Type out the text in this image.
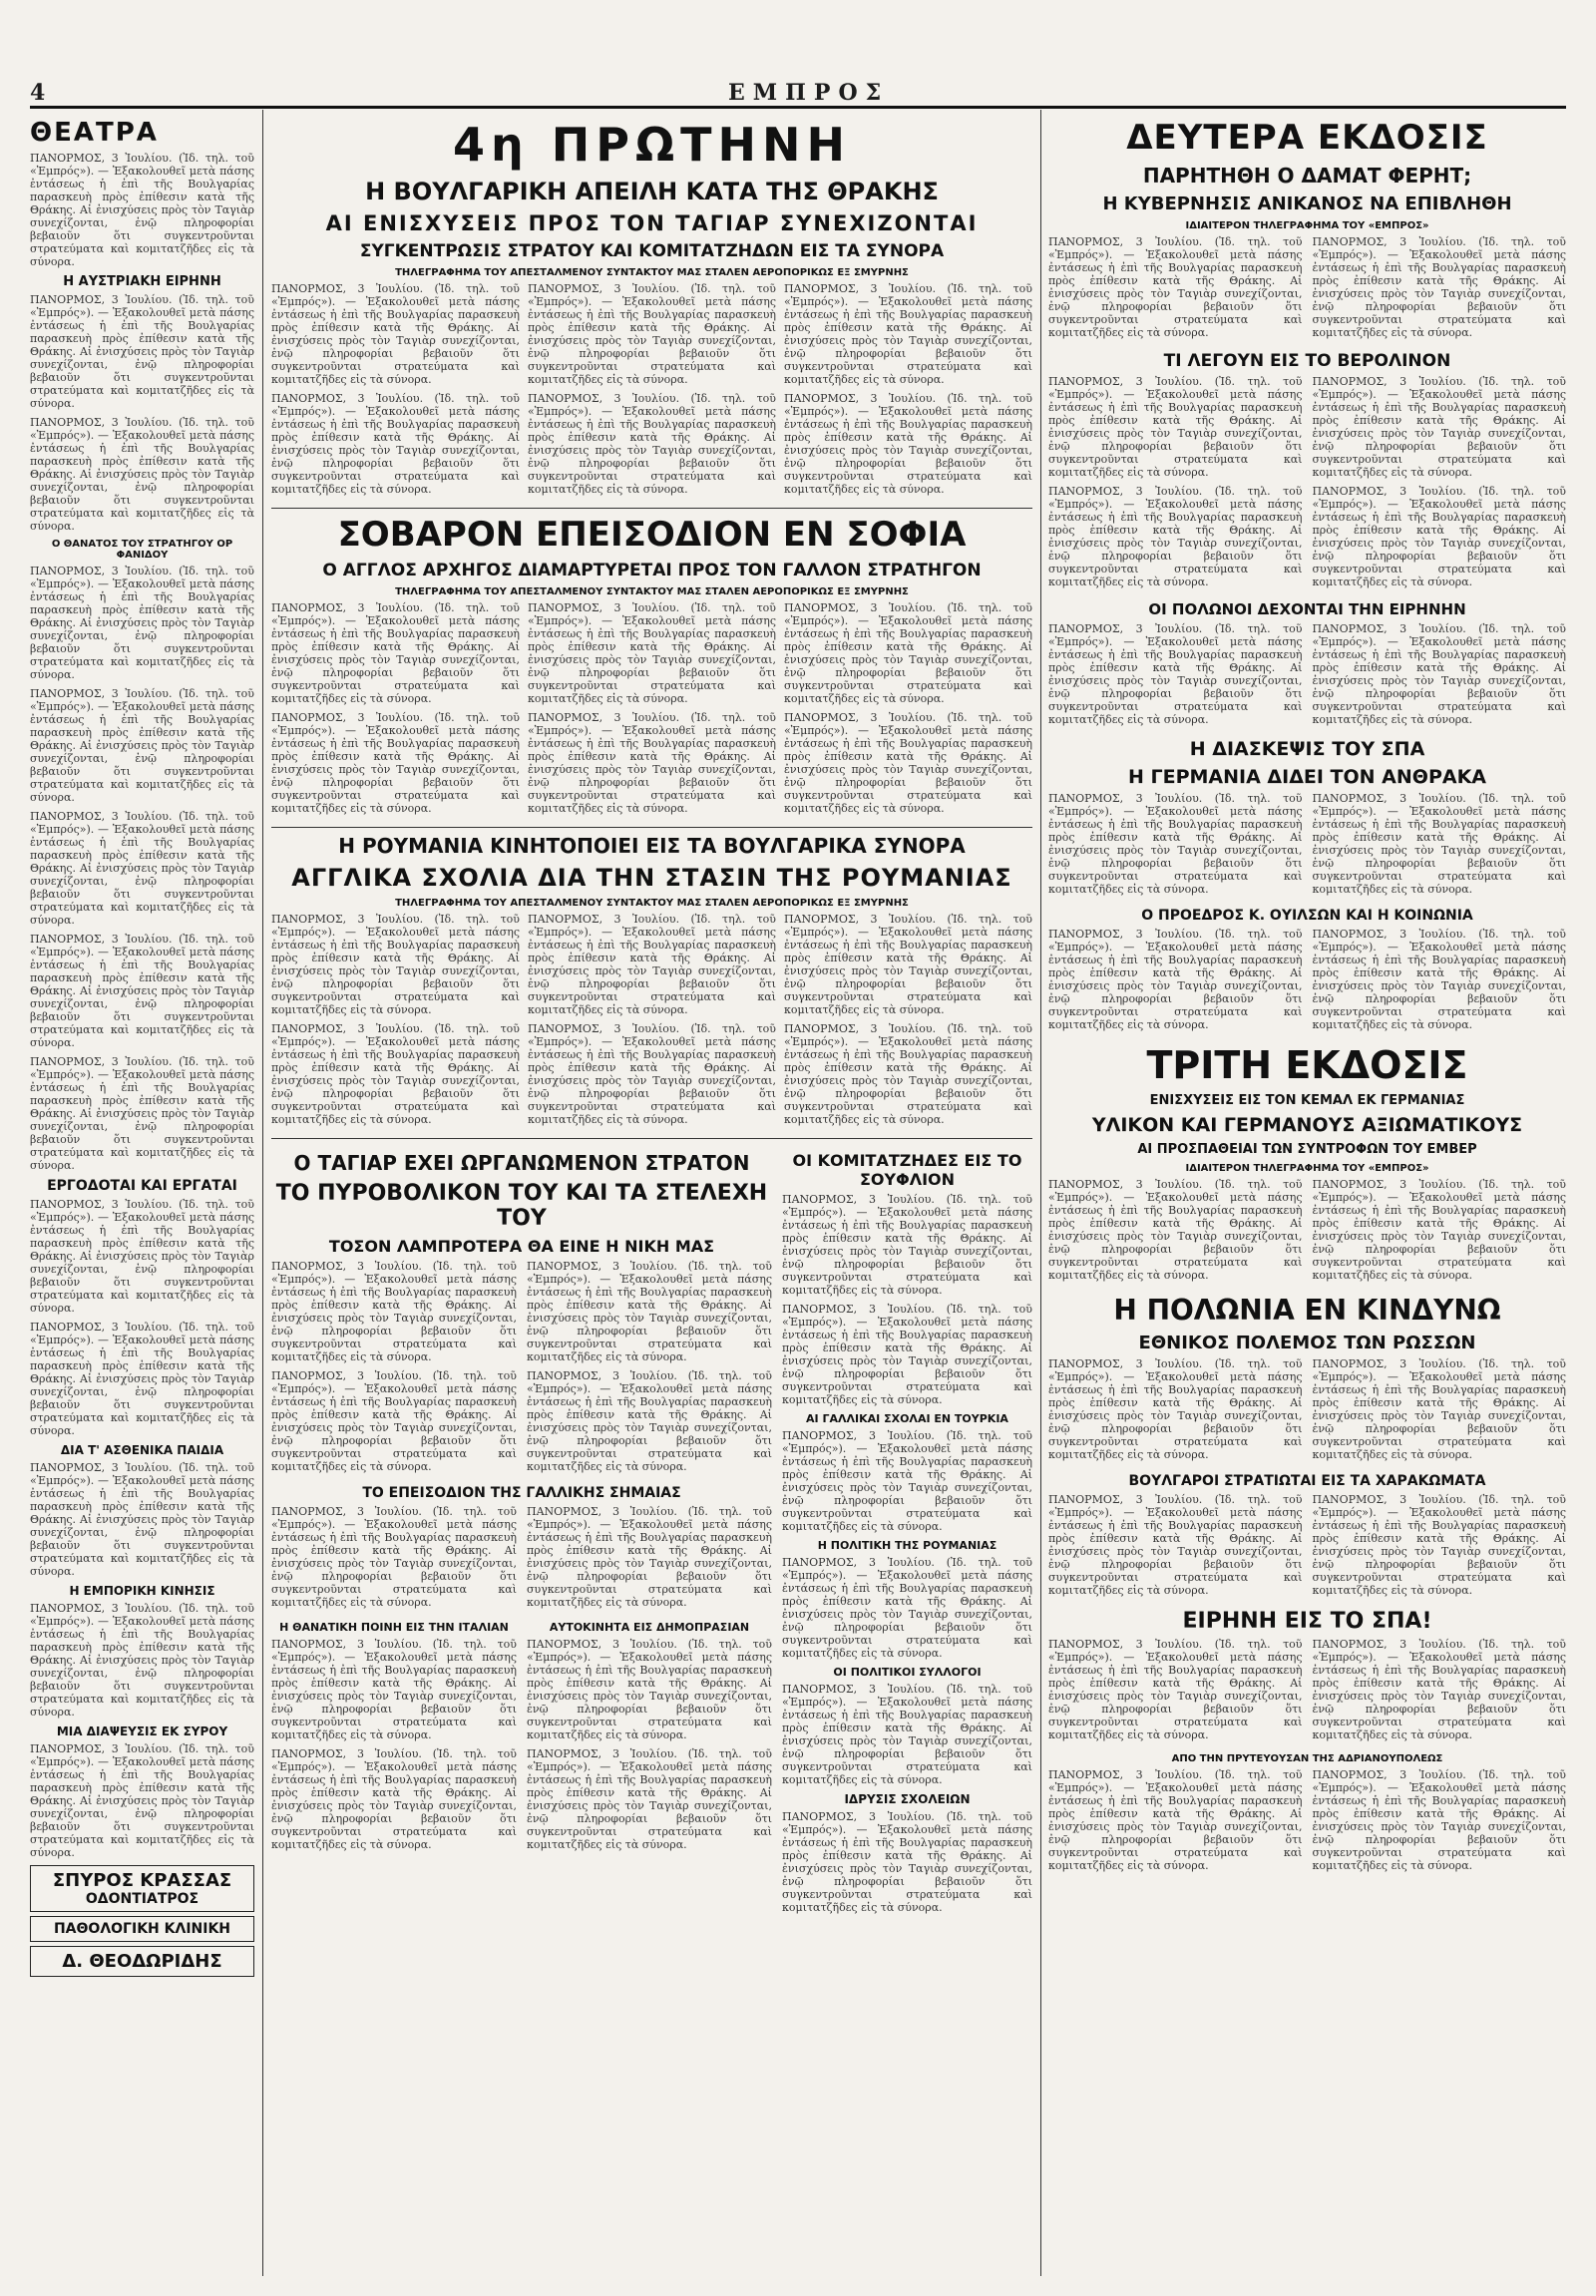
4	ΕΜΠΡΟΣ
ΘΕΑΤΡΑ

ΠΑΝΟΡΜΟΣ, 3 Ἰουλίου. (Ἰδ. τηλ. τοῦ «Ἐμπρός»). — Ἐξακολουθεῖ μετὰ πάσης ἐντάσεως ἡ ἐπὶ τῆς Βουλγαρίας παρασκευὴ πρὸς ἐπίθεσιν κατὰ τῆς Θράκης. Αἱ ἐνισχύσεις πρὸς τὸν Ταγιὰρ συνεχίζονται, ἐνῷ πληροφορίαι βεβαιοῦν ὅτι συγκεντροῦνται στρατεύματα καὶ κομιτατζῆδες εἰς τὰ σύνορα.

Η ΑΥΣΤΡΙΑΚΗ ΕΙΡΗΝΗ

ΠΑΝΟΡΜΟΣ, 3 Ἰουλίου. (Ἰδ. τηλ. τοῦ «Ἐμπρός»). — Ἐξακολουθεῖ μετὰ πάσης ἐντάσεως ἡ ἐπὶ τῆς Βουλγαρίας παρασκευὴ πρὸς ἐπίθεσιν κατὰ τῆς Θράκης. Αἱ ἐνισχύσεις πρὸς τὸν Ταγιὰρ συνεχίζονται, ἐνῷ πληροφορίαι βεβαιοῦν ὅτι συγκεντροῦνται στρατεύματα καὶ κομιτατζῆδες εἰς τὰ σύνορα.

ΠΑΝΟΡΜΟΣ, 3 Ἰουλίου. (Ἰδ. τηλ. τοῦ «Ἐμπρός»). — Ἐξακολουθεῖ μετὰ πάσης ἐντάσεως ἡ ἐπὶ τῆς Βουλγαρίας παρασκευὴ πρὸς ἐπίθεσιν κατὰ τῆς Θράκης. Αἱ ἐνισχύσεις πρὸς τὸν Ταγιὰρ συνεχίζονται, ἐνῷ πληροφορίαι βεβαιοῦν ὅτι συγκεντροῦνται στρατεύματα καὶ κομιτατζῆδες εἰς τὰ σύνορα.

Ο ΘΑΝΑΤΟΣ ΤΟΥ ΣΤΡΑΤΗΓΟΥ ΟΡ ΦΑΝΙΔΟΥ

ΠΑΝΟΡΜΟΣ, 3 Ἰουλίου. (Ἰδ. τηλ. τοῦ «Ἐμπρός»). — Ἐξακολουθεῖ μετὰ πάσης ἐντάσεως ἡ ἐπὶ τῆς Βουλγαρίας παρασκευὴ πρὸς ἐπίθεσιν κατὰ τῆς Θράκης. Αἱ ἐνισχύσεις πρὸς τὸν Ταγιὰρ συνεχίζονται, ἐνῷ πληροφορίαι βεβαιοῦν ὅτι συγκεντροῦνται στρατεύματα καὶ κομιτατζῆδες εἰς τὰ σύνορα.

ΠΑΝΟΡΜΟΣ, 3 Ἰουλίου. (Ἰδ. τηλ. τοῦ «Ἐμπρός»). — Ἐξακολουθεῖ μετὰ πάσης ἐντάσεως ἡ ἐπὶ τῆς Βουλγαρίας παρασκευὴ πρὸς ἐπίθεσιν κατὰ τῆς Θράκης. Αἱ ἐνισχύσεις πρὸς τὸν Ταγιὰρ συνεχίζονται, ἐνῷ πληροφορίαι βεβαιοῦν ὅτι συγκεντροῦνται στρατεύματα καὶ κομιτατζῆδες εἰς τὰ σύνορα.

ΠΑΝΟΡΜΟΣ, 3 Ἰουλίου. (Ἰδ. τηλ. τοῦ «Ἐμπρός»). — Ἐξακολουθεῖ μετὰ πάσης ἐντάσεως ἡ ἐπὶ τῆς Βουλγαρίας παρασκευὴ πρὸς ἐπίθεσιν κατὰ τῆς Θράκης. Αἱ ἐνισχύσεις πρὸς τὸν Ταγιὰρ συνεχίζονται, ἐνῷ πληροφορίαι βεβαιοῦν ὅτι συγκεντροῦνται στρατεύματα καὶ κομιτατζῆδες εἰς τὰ σύνορα.

ΠΑΝΟΡΜΟΣ, 3 Ἰουλίου. (Ἰδ. τηλ. τοῦ «Ἐμπρός»). — Ἐξακολουθεῖ μετὰ πάσης ἐντάσεως ἡ ἐπὶ τῆς Βουλγαρίας παρασκευὴ πρὸς ἐπίθεσιν κατὰ τῆς Θράκης. Αἱ ἐνισχύσεις πρὸς τὸν Ταγιὰρ συνεχίζονται, ἐνῷ πληροφορίαι βεβαιοῦν ὅτι συγκεντροῦνται στρατεύματα καὶ κομιτατζῆδες εἰς τὰ σύνορα.

ΠΑΝΟΡΜΟΣ, 3 Ἰουλίου. (Ἰδ. τηλ. τοῦ «Ἐμπρός»). — Ἐξακολουθεῖ μετὰ πάσης ἐντάσεως ἡ ἐπὶ τῆς Βουλγαρίας παρασκευὴ πρὸς ἐπίθεσιν κατὰ τῆς Θράκης. Αἱ ἐνισχύσεις πρὸς τὸν Ταγιὰρ συνεχίζονται, ἐνῷ πληροφορίαι βεβαιοῦν ὅτι συγκεντροῦνται στρατεύματα καὶ κομιτατζῆδες εἰς τὰ σύνορα.

ΕΡΓΟΔΟΤΑΙ ΚΑΙ ΕΡΓΑΤΑΙ

ΠΑΝΟΡΜΟΣ, 3 Ἰουλίου. (Ἰδ. τηλ. τοῦ «Ἐμπρός»). — Ἐξακολουθεῖ μετὰ πάσης ἐντάσεως ἡ ἐπὶ τῆς Βουλγαρίας παρασκευὴ πρὸς ἐπίθεσιν κατὰ τῆς Θράκης. Αἱ ἐνισχύσεις πρὸς τὸν Ταγιὰρ συνεχίζονται, ἐνῷ πληροφορίαι βεβαιοῦν ὅτι συγκεντροῦνται στρατεύματα καὶ κομιτατζῆδες εἰς τὰ σύνορα.

ΠΑΝΟΡΜΟΣ, 3 Ἰουλίου. (Ἰδ. τηλ. τοῦ «Ἐμπρός»). — Ἐξακολουθεῖ μετὰ πάσης ἐντάσεως ἡ ἐπὶ τῆς Βουλγαρίας παρασκευὴ πρὸς ἐπίθεσιν κατὰ τῆς Θράκης. Αἱ ἐνισχύσεις πρὸς τὸν Ταγιὰρ συνεχίζονται, ἐνῷ πληροφορίαι βεβαιοῦν ὅτι συγκεντροῦνται στρατεύματα καὶ κομιτατζῆδες εἰς τὰ σύνορα.

ΔΙΑ Τ' ΑΣΘΕΝΙΚΑ ΠΑΙΔΙΑ

ΠΑΝΟΡΜΟΣ, 3 Ἰουλίου. (Ἰδ. τηλ. τοῦ «Ἐμπρός»). — Ἐξακολουθεῖ μετὰ πάσης ἐντάσεως ἡ ἐπὶ τῆς Βουλγαρίας παρασκευὴ πρὸς ἐπίθεσιν κατὰ τῆς Θράκης. Αἱ ἐνισχύσεις πρὸς τὸν Ταγιὰρ συνεχίζονται, ἐνῷ πληροφορίαι βεβαιοῦν ὅτι συγκεντροῦνται στρατεύματα καὶ κομιτατζῆδες εἰς τὰ σύνορα.

Η ΕΜΠΟΡΙΚΗ ΚΙΝΗΣΙΣ

ΠΑΝΟΡΜΟΣ, 3 Ἰουλίου. (Ἰδ. τηλ. τοῦ «Ἐμπρός»). — Ἐξακολουθεῖ μετὰ πάσης ἐντάσεως ἡ ἐπὶ τῆς Βουλγαρίας παρασκευὴ πρὸς ἐπίθεσιν κατὰ τῆς Θράκης. Αἱ ἐνισχύσεις πρὸς τὸν Ταγιὰρ συνεχίζονται, ἐνῷ πληροφορίαι βεβαιοῦν ὅτι συγκεντροῦνται στρατεύματα καὶ κομιτατζῆδες εἰς τὰ σύνορα.

ΜΙΑ ΔΙΑΨΕΥΣΙΣ ΕΚ ΣΥΡΟΥ

ΠΑΝΟΡΜΟΣ, 3 Ἰουλίου. (Ἰδ. τηλ. τοῦ «Ἐμπρός»). — Ἐξακολουθεῖ μετὰ πάσης ἐντάσεως ἡ ἐπὶ τῆς Βουλγαρίας παρασκευὴ πρὸς ἐπίθεσιν κατὰ τῆς Θράκης. Αἱ ἐνισχύσεις πρὸς τὸν Ταγιὰρ συνεχίζονται, ἐνῷ πληροφορίαι βεβαιοῦν ὅτι συγκεντροῦνται στρατεύματα καὶ κομιτατζῆδες εἰς τὰ σύνορα.

ΣΠΥΡΟΣ ΚΡΑΣΣΑΣ
ΟΔΟΝΤΙΑΤΡΟΣ
ΠΑΘΟΛΟΓΙΚΗ ΚΛΙΝΙΚΗ
Δ. ΘΕΟΔΩΡΙΔΗΣ
4η ΠΡΩΤΗΝΗ
Η ΒΟΥΛΓΑΡΙΚΗ ΑΠΕΙΛΗ ΚΑΤΑ ΤΗΣ ΘΡΑΚΗΣ
ΑΙ ΕΝΙΣΧΥΣΕΙΣ ΠΡΟΣ ΤΟΝ ΤΑΓΙΑΡ ΣΥΝΕΧΙΖΟΝΤΑΙ
ΣΥΓΚΕΝΤΡΩΣΙΣ ΣΤΡΑΤΟΥ ΚΑΙ ΚΟΜΙΤΑΤΖΗΔΩΝ ΕΙΣ ΤΑ ΣΥΝΟΡΑ
ΤΗΛΕΓΡΑΦΗΜΑ ΤΟΥ ΑΠΕΣΤΑΛΜΕΝΟΥ ΣΥΝΤΑΚΤΟΥ ΜΑΣ ΣΤΑΛΕΝ ΑΕΡΟΠΟΡΙΚΩΣ ΕΞ ΣΜΥΡΝΗΣ

ΠΑΝΟΡΜΟΣ, 3 Ἰουλίου. (Ἰδ. τηλ. τοῦ «Ἐμπρός»). — Ἐξακολουθεῖ μετὰ πάσης ἐντάσεως ἡ ἐπὶ τῆς Βουλγαρίας παρασκευὴ πρὸς ἐπίθεσιν κατὰ τῆς Θράκης. Αἱ ἐνισχύσεις πρὸς τὸν Ταγιὰρ συνεχίζονται, ἐνῷ πληροφορίαι βεβαιοῦν ὅτι συγκεντροῦνται στρατεύματα καὶ κομιτατζῆδες εἰς τὰ σύνορα.

ΠΑΝΟΡΜΟΣ, 3 Ἰουλίου. (Ἰδ. τηλ. τοῦ «Ἐμπρός»). — Ἐξακολουθεῖ μετὰ πάσης ἐντάσεως ἡ ἐπὶ τῆς Βουλγαρίας παρασκευὴ πρὸς ἐπίθεσιν κατὰ τῆς Θράκης. Αἱ ἐνισχύσεις πρὸς τὸν Ταγιὰρ συνεχίζονται, ἐνῷ πληροφορίαι βεβαιοῦν ὅτι συγκεντροῦνται στρατεύματα καὶ κομιτατζῆδες εἰς τὰ σύνορα.

ΠΑΝΟΡΜΟΣ, 3 Ἰουλίου. (Ἰδ. τηλ. τοῦ «Ἐμπρός»). — Ἐξακολουθεῖ μετὰ πάσης ἐντάσεως ἡ ἐπὶ τῆς Βουλγαρίας παρασκευὴ πρὸς ἐπίθεσιν κατὰ τῆς Θράκης. Αἱ ἐνισχύσεις πρὸς τὸν Ταγιὰρ συνεχίζονται, ἐνῷ πληροφορίαι βεβαιοῦν ὅτι συγκεντροῦνται στρατεύματα καὶ κομιτατζῆδες εἰς τὰ σύνορα.

ΠΑΝΟΡΜΟΣ, 3 Ἰουλίου. (Ἰδ. τηλ. τοῦ «Ἐμπρός»). — Ἐξακολουθεῖ μετὰ πάσης ἐντάσεως ἡ ἐπὶ τῆς Βουλγαρίας παρασκευὴ πρὸς ἐπίθεσιν κατὰ τῆς Θράκης. Αἱ ἐνισχύσεις πρὸς τὸν Ταγιὰρ συνεχίζονται, ἐνῷ πληροφορίαι βεβαιοῦν ὅτι συγκεντροῦνται στρατεύματα καὶ κομιτατζῆδες εἰς τὰ σύνορα.

ΠΑΝΟΡΜΟΣ, 3 Ἰουλίου. (Ἰδ. τηλ. τοῦ «Ἐμπρός»). — Ἐξακολουθεῖ μετὰ πάσης ἐντάσεως ἡ ἐπὶ τῆς Βουλγαρίας παρασκευὴ πρὸς ἐπίθεσιν κατὰ τῆς Θράκης. Αἱ ἐνισχύσεις πρὸς τὸν Ταγιὰρ συνεχίζονται, ἐνῷ πληροφορίαι βεβαιοῦν ὅτι συγκεντροῦνται στρατεύματα καὶ κομιτατζῆδες εἰς τὰ σύνορα.

ΠΑΝΟΡΜΟΣ, 3 Ἰουλίου. (Ἰδ. τηλ. τοῦ «Ἐμπρός»). — Ἐξακολουθεῖ μετὰ πάσης ἐντάσεως ἡ ἐπὶ τῆς Βουλγαρίας παρασκευὴ πρὸς ἐπίθεσιν κατὰ τῆς Θράκης. Αἱ ἐνισχύσεις πρὸς τὸν Ταγιὰρ συνεχίζονται, ἐνῷ πληροφορίαι βεβαιοῦν ὅτι συγκεντροῦνται στρατεύματα καὶ κομιτατζῆδες εἰς τὰ σύνορα.

ΣΟΒΑΡΟΝ ΕΠΕΙΣΟΔΙΟΝ ΕΝ ΣΟΦΙΑ
Ο ΑΓΓΛΟΣ ΑΡΧΗΓΟΣ ΔΙΑΜΑΡΤΥΡΕΤΑΙ ΠΡΟΣ ΤΟΝ ΓΑΛΛΟΝ ΣΤΡΑΤΗΓΟΝ
ΤΗΛΕΓΡΑΦΗΜΑ ΤΟΥ ΑΠΕΣΤΑΛΜΕΝΟΥ ΣΥΝΤΑΚΤΟΥ ΜΑΣ ΣΤΑΛΕΝ ΑΕΡΟΠΟΡΙΚΩΣ ΕΞ ΣΜΥΡΝΗΣ

ΠΑΝΟΡΜΟΣ, 3 Ἰουλίου. (Ἰδ. τηλ. τοῦ «Ἐμπρός»). — Ἐξακολουθεῖ μετὰ πάσης ἐντάσεως ἡ ἐπὶ τῆς Βουλγαρίας παρασκευὴ πρὸς ἐπίθεσιν κατὰ τῆς Θράκης. Αἱ ἐνισχύσεις πρὸς τὸν Ταγιὰρ συνεχίζονται, ἐνῷ πληροφορίαι βεβαιοῦν ὅτι συγκεντροῦνται στρατεύματα καὶ κομιτατζῆδες εἰς τὰ σύνορα.

ΠΑΝΟΡΜΟΣ, 3 Ἰουλίου. (Ἰδ. τηλ. τοῦ «Ἐμπρός»). — Ἐξακολουθεῖ μετὰ πάσης ἐντάσεως ἡ ἐπὶ τῆς Βουλγαρίας παρασκευὴ πρὸς ἐπίθεσιν κατὰ τῆς Θράκης. Αἱ ἐνισχύσεις πρὸς τὸν Ταγιὰρ συνεχίζονται, ἐνῷ πληροφορίαι βεβαιοῦν ὅτι συγκεντροῦνται στρατεύματα καὶ κομιτατζῆδες εἰς τὰ σύνορα.

ΠΑΝΟΡΜΟΣ, 3 Ἰουλίου. (Ἰδ. τηλ. τοῦ «Ἐμπρός»). — Ἐξακολουθεῖ μετὰ πάσης ἐντάσεως ἡ ἐπὶ τῆς Βουλγαρίας παρασκευὴ πρὸς ἐπίθεσιν κατὰ τῆς Θράκης. Αἱ ἐνισχύσεις πρὸς τὸν Ταγιὰρ συνεχίζονται, ἐνῷ πληροφορίαι βεβαιοῦν ὅτι συγκεντροῦνται στρατεύματα καὶ κομιτατζῆδες εἰς τὰ σύνορα.

ΠΑΝΟΡΜΟΣ, 3 Ἰουλίου. (Ἰδ. τηλ. τοῦ «Ἐμπρός»). — Ἐξακολουθεῖ μετὰ πάσης ἐντάσεως ἡ ἐπὶ τῆς Βουλγαρίας παρασκευὴ πρὸς ἐπίθεσιν κατὰ τῆς Θράκης. Αἱ ἐνισχύσεις πρὸς τὸν Ταγιὰρ συνεχίζονται, ἐνῷ πληροφορίαι βεβαιοῦν ὅτι συγκεντροῦνται στρατεύματα καὶ κομιτατζῆδες εἰς τὰ σύνορα.

ΠΑΝΟΡΜΟΣ, 3 Ἰουλίου. (Ἰδ. τηλ. τοῦ «Ἐμπρός»). — Ἐξακολουθεῖ μετὰ πάσης ἐντάσεως ἡ ἐπὶ τῆς Βουλγαρίας παρασκευὴ πρὸς ἐπίθεσιν κατὰ τῆς Θράκης. Αἱ ἐνισχύσεις πρὸς τὸν Ταγιὰρ συνεχίζονται, ἐνῷ πληροφορίαι βεβαιοῦν ὅτι συγκεντροῦνται στρατεύματα καὶ κομιτατζῆδες εἰς τὰ σύνορα.

ΠΑΝΟΡΜΟΣ, 3 Ἰουλίου. (Ἰδ. τηλ. τοῦ «Ἐμπρός»). — Ἐξακολουθεῖ μετὰ πάσης ἐντάσεως ἡ ἐπὶ τῆς Βουλγαρίας παρασκευὴ πρὸς ἐπίθεσιν κατὰ τῆς Θράκης. Αἱ ἐνισχύσεις πρὸς τὸν Ταγιὰρ συνεχίζονται, ἐνῷ πληροφορίαι βεβαιοῦν ὅτι συγκεντροῦνται στρατεύματα καὶ κομιτατζῆδες εἰς τὰ σύνορα.

Η ΡΟΥΜΑΝΙΑ ΚΙΝΗΤΟΠΟΙΕΙ ΕΙΣ ΤΑ ΒΟΥΛΓΑΡΙΚΑ ΣΥΝΟΡΑ
ΑΓΓΛΙΚΑ ΣΧΟΛΙΑ ΔΙΑ ΤΗΝ ΣΤΑΣΙΝ ΤΗΣ ΡΟΥΜΑΝΙΑΣ
ΤΗΛΕΓΡΑΦΗΜΑ ΤΟΥ ΑΠΕΣΤΑΛΜΕΝΟΥ ΣΥΝΤΑΚΤΟΥ ΜΑΣ ΣΤΑΛΕΝ ΑΕΡΟΠΟΡΙΚΩΣ ΕΞ ΣΜΥΡΝΗΣ

ΠΑΝΟΡΜΟΣ, 3 Ἰουλίου. (Ἰδ. τηλ. τοῦ «Ἐμπρός»). — Ἐξακολουθεῖ μετὰ πάσης ἐντάσεως ἡ ἐπὶ τῆς Βουλγαρίας παρασκευὴ πρὸς ἐπίθεσιν κατὰ τῆς Θράκης. Αἱ ἐνισχύσεις πρὸς τὸν Ταγιὰρ συνεχίζονται, ἐνῷ πληροφορίαι βεβαιοῦν ὅτι συγκεντροῦνται στρατεύματα καὶ κομιτατζῆδες εἰς τὰ σύνορα.

ΠΑΝΟΡΜΟΣ, 3 Ἰουλίου. (Ἰδ. τηλ. τοῦ «Ἐμπρός»). — Ἐξακολουθεῖ μετὰ πάσης ἐντάσεως ἡ ἐπὶ τῆς Βουλγαρίας παρασκευὴ πρὸς ἐπίθεσιν κατὰ τῆς Θράκης. Αἱ ἐνισχύσεις πρὸς τὸν Ταγιὰρ συνεχίζονται, ἐνῷ πληροφορίαι βεβαιοῦν ὅτι συγκεντροῦνται στρατεύματα καὶ κομιτατζῆδες εἰς τὰ σύνορα.

ΠΑΝΟΡΜΟΣ, 3 Ἰουλίου. (Ἰδ. τηλ. τοῦ «Ἐμπρός»). — Ἐξακολουθεῖ μετὰ πάσης ἐντάσεως ἡ ἐπὶ τῆς Βουλγαρίας παρασκευὴ πρὸς ἐπίθεσιν κατὰ τῆς Θράκης. Αἱ ἐνισχύσεις πρὸς τὸν Ταγιὰρ συνεχίζονται, ἐνῷ πληροφορίαι βεβαιοῦν ὅτι συγκεντροῦνται στρατεύματα καὶ κομιτατζῆδες εἰς τὰ σύνορα.

ΠΑΝΟΡΜΟΣ, 3 Ἰουλίου. (Ἰδ. τηλ. τοῦ «Ἐμπρός»). — Ἐξακολουθεῖ μετὰ πάσης ἐντάσεως ἡ ἐπὶ τῆς Βουλγαρίας παρασκευὴ πρὸς ἐπίθεσιν κατὰ τῆς Θράκης. Αἱ ἐνισχύσεις πρὸς τὸν Ταγιὰρ συνεχίζονται, ἐνῷ πληροφορίαι βεβαιοῦν ὅτι συγκεντροῦνται στρατεύματα καὶ κομιτατζῆδες εἰς τὰ σύνορα.

ΠΑΝΟΡΜΟΣ, 3 Ἰουλίου. (Ἰδ. τηλ. τοῦ «Ἐμπρός»). — Ἐξακολουθεῖ μετὰ πάσης ἐντάσεως ἡ ἐπὶ τῆς Βουλγαρίας παρασκευὴ πρὸς ἐπίθεσιν κατὰ τῆς Θράκης. Αἱ ἐνισχύσεις πρὸς τὸν Ταγιὰρ συνεχίζονται, ἐνῷ πληροφορίαι βεβαιοῦν ὅτι συγκεντροῦνται στρατεύματα καὶ κομιτατζῆδες εἰς τὰ σύνορα.

ΠΑΝΟΡΜΟΣ, 3 Ἰουλίου. (Ἰδ. τηλ. τοῦ «Ἐμπρός»). — Ἐξακολουθεῖ μετὰ πάσης ἐντάσεως ἡ ἐπὶ τῆς Βουλγαρίας παρασκευὴ πρὸς ἐπίθεσιν κατὰ τῆς Θράκης. Αἱ ἐνισχύσεις πρὸς τὸν Ταγιὰρ συνεχίζονται, ἐνῷ πληροφορίαι βεβαιοῦν ὅτι συγκεντροῦνται στρατεύματα καὶ κομιτατζῆδες εἰς τὰ σύνορα.

Ο ΤΑΓΙΑΡ ΕΧΕΙ ΩΡΓΑΝΩΜΕΝΟΝ ΣΤΡΑΤΟΝ
ΤΟ ΠΥΡΟΒΟΛΙΚΟΝ ΤΟΥ ΚΑΙ ΤΑ ΣΤΕΛΕΧΗ ΤΟΥ
ΤΟΣΟΝ ΛΑΜΠΡΟΤΕΡΑ ΘΑ ΕΙΝΕ Η ΝΙΚΗ ΜΑΣ

ΠΑΝΟΡΜΟΣ, 3 Ἰουλίου. (Ἰδ. τηλ. τοῦ «Ἐμπρός»). — Ἐξακολουθεῖ μετὰ πάσης ἐντάσεως ἡ ἐπὶ τῆς Βουλγαρίας παρασκευὴ πρὸς ἐπίθεσιν κατὰ τῆς Θράκης. Αἱ ἐνισχύσεις πρὸς τὸν Ταγιὰρ συνεχίζονται, ἐνῷ πληροφορίαι βεβαιοῦν ὅτι συγκεντροῦνται στρατεύματα καὶ κομιτατζῆδες εἰς τὰ σύνορα.

ΠΑΝΟΡΜΟΣ, 3 Ἰουλίου. (Ἰδ. τηλ. τοῦ «Ἐμπρός»). — Ἐξακολουθεῖ μετὰ πάσης ἐντάσεως ἡ ἐπὶ τῆς Βουλγαρίας παρασκευὴ πρὸς ἐπίθεσιν κατὰ τῆς Θράκης. Αἱ ἐνισχύσεις πρὸς τὸν Ταγιὰρ συνεχίζονται, ἐνῷ πληροφορίαι βεβαιοῦν ὅτι συγκεντροῦνται στρατεύματα καὶ κομιτατζῆδες εἰς τὰ σύνορα.

ΠΑΝΟΡΜΟΣ, 3 Ἰουλίου. (Ἰδ. τηλ. τοῦ «Ἐμπρός»). — Ἐξακολουθεῖ μετὰ πάσης ἐντάσεως ἡ ἐπὶ τῆς Βουλγαρίας παρασκευὴ πρὸς ἐπίθεσιν κατὰ τῆς Θράκης. Αἱ ἐνισχύσεις πρὸς τὸν Ταγιὰρ συνεχίζονται, ἐνῷ πληροφορίαι βεβαιοῦν ὅτι συγκεντροῦνται στρατεύματα καὶ κομιτατζῆδες εἰς τὰ σύνορα.

ΠΑΝΟΡΜΟΣ, 3 Ἰουλίου. (Ἰδ. τηλ. τοῦ «Ἐμπρός»). — Ἐξακολουθεῖ μετὰ πάσης ἐντάσεως ἡ ἐπὶ τῆς Βουλγαρίας παρασκευὴ πρὸς ἐπίθεσιν κατὰ τῆς Θράκης. Αἱ ἐνισχύσεις πρὸς τὸν Ταγιὰρ συνεχίζονται, ἐνῷ πληροφορίαι βεβαιοῦν ὅτι συγκεντροῦνται στρατεύματα καὶ κομιτατζῆδες εἰς τὰ σύνορα.

ΤΟ ΕΠΕΙΣΟΔΙΟΝ ΤΗΣ ΓΑΛΛΙΚΗΣ ΣΗΜΑΙΑΣ

ΠΑΝΟΡΜΟΣ, 3 Ἰουλίου. (Ἰδ. τηλ. τοῦ «Ἐμπρός»). — Ἐξακολουθεῖ μετὰ πάσης ἐντάσεως ἡ ἐπὶ τῆς Βουλγαρίας παρασκευὴ πρὸς ἐπίθεσιν κατὰ τῆς Θράκης. Αἱ ἐνισχύσεις πρὸς τὸν Ταγιὰρ συνεχίζονται, ἐνῷ πληροφορίαι βεβαιοῦν ὅτι συγκεντροῦνται στρατεύματα καὶ κομιτατζῆδες εἰς τὰ σύνορα.

ΠΑΝΟΡΜΟΣ, 3 Ἰουλίου. (Ἰδ. τηλ. τοῦ «Ἐμπρός»). — Ἐξακολουθεῖ μετὰ πάσης ἐντάσεως ἡ ἐπὶ τῆς Βουλγαρίας παρασκευὴ πρὸς ἐπίθεσιν κατὰ τῆς Θράκης. Αἱ ἐνισχύσεις πρὸς τὸν Ταγιὰρ συνεχίζονται, ἐνῷ πληροφορίαι βεβαιοῦν ὅτι συγκεντροῦνται στρατεύματα καὶ κομιτατζῆδες εἰς τὰ σύνορα.

Η ΘΑΝΑΤΙΚΗ ΠΟΙΝΗ ΕΙΣ ΤΗΝ ΙΤΑΛΙΑΝ

ΠΑΝΟΡΜΟΣ, 3 Ἰουλίου. (Ἰδ. τηλ. τοῦ «Ἐμπρός»). — Ἐξακολουθεῖ μετὰ πάσης ἐντάσεως ἡ ἐπὶ τῆς Βουλγαρίας παρασκευὴ πρὸς ἐπίθεσιν κατὰ τῆς Θράκης. Αἱ ἐνισχύσεις πρὸς τὸν Ταγιὰρ συνεχίζονται, ἐνῷ πληροφορίαι βεβαιοῦν ὅτι συγκεντροῦνται στρατεύματα καὶ κομιτατζῆδες εἰς τὰ σύνορα.

ΠΑΝΟΡΜΟΣ, 3 Ἰουλίου. (Ἰδ. τηλ. τοῦ «Ἐμπρός»). — Ἐξακολουθεῖ μετὰ πάσης ἐντάσεως ἡ ἐπὶ τῆς Βουλγαρίας παρασκευὴ πρὸς ἐπίθεσιν κατὰ τῆς Θράκης. Αἱ ἐνισχύσεις πρὸς τὸν Ταγιὰρ συνεχίζονται, ἐνῷ πληροφορίαι βεβαιοῦν ὅτι συγκεντροῦνται στρατεύματα καὶ κομιτατζῆδες εἰς τὰ σύνορα.

ΑΥΤΟΚΙΝΗΤΑ ΕΙΣ ΔΗΜΟΠΡΑΣΙΑΝ

ΠΑΝΟΡΜΟΣ, 3 Ἰουλίου. (Ἰδ. τηλ. τοῦ «Ἐμπρός»). — Ἐξακολουθεῖ μετὰ πάσης ἐντάσεως ἡ ἐπὶ τῆς Βουλγαρίας παρασκευὴ πρὸς ἐπίθεσιν κατὰ τῆς Θράκης. Αἱ ἐνισχύσεις πρὸς τὸν Ταγιὰρ συνεχίζονται, ἐνῷ πληροφορίαι βεβαιοῦν ὅτι συγκεντροῦνται στρατεύματα καὶ κομιτατζῆδες εἰς τὰ σύνορα.

ΠΑΝΟΡΜΟΣ, 3 Ἰουλίου. (Ἰδ. τηλ. τοῦ «Ἐμπρός»). — Ἐξακολουθεῖ μετὰ πάσης ἐντάσεως ἡ ἐπὶ τῆς Βουλγαρίας παρασκευὴ πρὸς ἐπίθεσιν κατὰ τῆς Θράκης. Αἱ ἐνισχύσεις πρὸς τὸν Ταγιὰρ συνεχίζονται, ἐνῷ πληροφορίαι βεβαιοῦν ὅτι συγκεντροῦνται στρατεύματα καὶ κομιτατζῆδες εἰς τὰ σύνορα.

ΟΙ ΚΟΜΙΤΑΤΖΗΔΕΣ ΕΙΣ ΤΟ ΣΟΥΦΛΙΟΝ

ΠΑΝΟΡΜΟΣ, 3 Ἰουλίου. (Ἰδ. τηλ. τοῦ «Ἐμπρός»). — Ἐξακολουθεῖ μετὰ πάσης ἐντάσεως ἡ ἐπὶ τῆς Βουλγαρίας παρασκευὴ πρὸς ἐπίθεσιν κατὰ τῆς Θράκης. Αἱ ἐνισχύσεις πρὸς τὸν Ταγιὰρ συνεχίζονται, ἐνῷ πληροφορίαι βεβαιοῦν ὅτι συγκεντροῦνται στρατεύματα καὶ κομιτατζῆδες εἰς τὰ σύνορα.

ΠΑΝΟΡΜΟΣ, 3 Ἰουλίου. (Ἰδ. τηλ. τοῦ «Ἐμπρός»). — Ἐξακολουθεῖ μετὰ πάσης ἐντάσεως ἡ ἐπὶ τῆς Βουλγαρίας παρασκευὴ πρὸς ἐπίθεσιν κατὰ τῆς Θράκης. Αἱ ἐνισχύσεις πρὸς τὸν Ταγιὰρ συνεχίζονται, ἐνῷ πληροφορίαι βεβαιοῦν ὅτι συγκεντροῦνται στρατεύματα καὶ κομιτατζῆδες εἰς τὰ σύνορα.

ΑΙ ΓΑΛΛΙΚΑΙ ΣΧΟΛΑΙ ΕΝ ΤΟΥΡΚΙΑ

ΠΑΝΟΡΜΟΣ, 3 Ἰουλίου. (Ἰδ. τηλ. τοῦ «Ἐμπρός»). — Ἐξακολουθεῖ μετὰ πάσης ἐντάσεως ἡ ἐπὶ τῆς Βουλγαρίας παρασκευὴ πρὸς ἐπίθεσιν κατὰ τῆς Θράκης. Αἱ ἐνισχύσεις πρὸς τὸν Ταγιὰρ συνεχίζονται, ἐνῷ πληροφορίαι βεβαιοῦν ὅτι συγκεντροῦνται στρατεύματα καὶ κομιτατζῆδες εἰς τὰ σύνορα.

Η ΠΟΛΙΤΙΚΗ ΤΗΣ ΡΟΥΜΑΝΙΑΣ

ΠΑΝΟΡΜΟΣ, 3 Ἰουλίου. (Ἰδ. τηλ. τοῦ «Ἐμπρός»). — Ἐξακολουθεῖ μετὰ πάσης ἐντάσεως ἡ ἐπὶ τῆς Βουλγαρίας παρασκευὴ πρὸς ἐπίθεσιν κατὰ τῆς Θράκης. Αἱ ἐνισχύσεις πρὸς τὸν Ταγιὰρ συνεχίζονται, ἐνῷ πληροφορίαι βεβαιοῦν ὅτι συγκεντροῦνται στρατεύματα καὶ κομιτατζῆδες εἰς τὰ σύνορα.

ΟΙ ΠΟΛΙΤΙΚΟΙ ΣΥΛΛΟΓΟΙ

ΠΑΝΟΡΜΟΣ, 3 Ἰουλίου. (Ἰδ. τηλ. τοῦ «Ἐμπρός»). — Ἐξακολουθεῖ μετὰ πάσης ἐντάσεως ἡ ἐπὶ τῆς Βουλγαρίας παρασκευὴ πρὸς ἐπίθεσιν κατὰ τῆς Θράκης. Αἱ ἐνισχύσεις πρὸς τὸν Ταγιὰρ συνεχίζονται, ἐνῷ πληροφορίαι βεβαιοῦν ὅτι συγκεντροῦνται στρατεύματα καὶ κομιτατζῆδες εἰς τὰ σύνορα.

ΙΔΡΥΣΙΣ ΣΧΟΛΕΙΩΝ

ΠΑΝΟΡΜΟΣ, 3 Ἰουλίου. (Ἰδ. τηλ. τοῦ «Ἐμπρός»). — Ἐξακολουθεῖ μετὰ πάσης ἐντάσεως ἡ ἐπὶ τῆς Βουλγαρίας παρασκευὴ πρὸς ἐπίθεσιν κατὰ τῆς Θράκης. Αἱ ἐνισχύσεις πρὸς τὸν Ταγιὰρ συνεχίζονται, ἐνῷ πληροφορίαι βεβαιοῦν ὅτι συγκεντροῦνται στρατεύματα καὶ κομιτατζῆδες εἰς τὰ σύνορα.

ΔΕΥΤΕΡΑ ΕΚΔΟΣΙΣ
ΠΑΡΗΤΗΘΗ Ο ΔΑΜΑΤ ΦΕΡΗΤ;
Η ΚΥΒΕΡΝΗΣΙΣ ΑΝΙΚΑΝΟΣ ΝΑ ΕΠΙΒΛΗΘΗ
ΙΔΙΑΙΤΕΡΟΝ ΤΗΛΕΓΡΑΦΗΜΑ ΤΟΥ «ΕΜΠΡΟΣ»

ΠΑΝΟΡΜΟΣ, 3 Ἰουλίου. (Ἰδ. τηλ. τοῦ «Ἐμπρός»). — Ἐξακολουθεῖ μετὰ πάσης ἐντάσεως ἡ ἐπὶ τῆς Βουλγαρίας παρασκευὴ πρὸς ἐπίθεσιν κατὰ τῆς Θράκης. Αἱ ἐνισχύσεις πρὸς τὸν Ταγιὰρ συνεχίζονται, ἐνῷ πληροφορίαι βεβαιοῦν ὅτι συγκεντροῦνται στρατεύματα καὶ κομιτατζῆδες εἰς τὰ σύνορα.

ΠΑΝΟΡΜΟΣ, 3 Ἰουλίου. (Ἰδ. τηλ. τοῦ «Ἐμπρός»). — Ἐξακολουθεῖ μετὰ πάσης ἐντάσεως ἡ ἐπὶ τῆς Βουλγαρίας παρασκευὴ πρὸς ἐπίθεσιν κατὰ τῆς Θράκης. Αἱ ἐνισχύσεις πρὸς τὸν Ταγιὰρ συνεχίζονται, ἐνῷ πληροφορίαι βεβαιοῦν ὅτι συγκεντροῦνται στρατεύματα καὶ κομιτατζῆδες εἰς τὰ σύνορα.

ΤΙ ΛΕΓΟΥΝ ΕΙΣ ΤΟ ΒΕΡΟΛΙΝΟΝ

ΠΑΝΟΡΜΟΣ, 3 Ἰουλίου. (Ἰδ. τηλ. τοῦ «Ἐμπρός»). — Ἐξακολουθεῖ μετὰ πάσης ἐντάσεως ἡ ἐπὶ τῆς Βουλγαρίας παρασκευὴ πρὸς ἐπίθεσιν κατὰ τῆς Θράκης. Αἱ ἐνισχύσεις πρὸς τὸν Ταγιὰρ συνεχίζονται, ἐνῷ πληροφορίαι βεβαιοῦν ὅτι συγκεντροῦνται στρατεύματα καὶ κομιτατζῆδες εἰς τὰ σύνορα.

ΠΑΝΟΡΜΟΣ, 3 Ἰουλίου. (Ἰδ. τηλ. τοῦ «Ἐμπρός»). — Ἐξακολουθεῖ μετὰ πάσης ἐντάσεως ἡ ἐπὶ τῆς Βουλγαρίας παρασκευὴ πρὸς ἐπίθεσιν κατὰ τῆς Θράκης. Αἱ ἐνισχύσεις πρὸς τὸν Ταγιὰρ συνεχίζονται, ἐνῷ πληροφορίαι βεβαιοῦν ὅτι συγκεντροῦνται στρατεύματα καὶ κομιτατζῆδες εἰς τὰ σύνορα.

ΠΑΝΟΡΜΟΣ, 3 Ἰουλίου. (Ἰδ. τηλ. τοῦ «Ἐμπρός»). — Ἐξακολουθεῖ μετὰ πάσης ἐντάσεως ἡ ἐπὶ τῆς Βουλγαρίας παρασκευὴ πρὸς ἐπίθεσιν κατὰ τῆς Θράκης. Αἱ ἐνισχύσεις πρὸς τὸν Ταγιὰρ συνεχίζονται, ἐνῷ πληροφορίαι βεβαιοῦν ὅτι συγκεντροῦνται στρατεύματα καὶ κομιτατζῆδες εἰς τὰ σύνορα.

ΠΑΝΟΡΜΟΣ, 3 Ἰουλίου. (Ἰδ. τηλ. τοῦ «Ἐμπρός»). — Ἐξακολουθεῖ μετὰ πάσης ἐντάσεως ἡ ἐπὶ τῆς Βουλγαρίας παρασκευὴ πρὸς ἐπίθεσιν κατὰ τῆς Θράκης. Αἱ ἐνισχύσεις πρὸς τὸν Ταγιὰρ συνεχίζονται, ἐνῷ πληροφορίαι βεβαιοῦν ὅτι συγκεντροῦνται στρατεύματα καὶ κομιτατζῆδες εἰς τὰ σύνορα.

ΟΙ ΠΟΛΩΝΟΙ ΔΕΧΟΝΤΑΙ ΤΗΝ ΕΙΡΗΝΗΝ

ΠΑΝΟΡΜΟΣ, 3 Ἰουλίου. (Ἰδ. τηλ. τοῦ «Ἐμπρός»). — Ἐξακολουθεῖ μετὰ πάσης ἐντάσεως ἡ ἐπὶ τῆς Βουλγαρίας παρασκευὴ πρὸς ἐπίθεσιν κατὰ τῆς Θράκης. Αἱ ἐνισχύσεις πρὸς τὸν Ταγιὰρ συνεχίζονται, ἐνῷ πληροφορίαι βεβαιοῦν ὅτι συγκεντροῦνται στρατεύματα καὶ κομιτατζῆδες εἰς τὰ σύνορα.

ΠΑΝΟΡΜΟΣ, 3 Ἰουλίου. (Ἰδ. τηλ. τοῦ «Ἐμπρός»). — Ἐξακολουθεῖ μετὰ πάσης ἐντάσεως ἡ ἐπὶ τῆς Βουλγαρίας παρασκευὴ πρὸς ἐπίθεσιν κατὰ τῆς Θράκης. Αἱ ἐνισχύσεις πρὸς τὸν Ταγιὰρ συνεχίζονται, ἐνῷ πληροφορίαι βεβαιοῦν ὅτι συγκεντροῦνται στρατεύματα καὶ κομιτατζῆδες εἰς τὰ σύνορα.

Η ΔΙΑΣΚΕΨΙΣ ΤΟΥ ΣΠΑ
Η ΓΕΡΜΑΝΙΑ ΔΙΔΕΙ ΤΟΝ ΑΝΘΡΑΚΑ

ΠΑΝΟΡΜΟΣ, 3 Ἰουλίου. (Ἰδ. τηλ. τοῦ «Ἐμπρός»). — Ἐξακολουθεῖ μετὰ πάσης ἐντάσεως ἡ ἐπὶ τῆς Βουλγαρίας παρασκευὴ πρὸς ἐπίθεσιν κατὰ τῆς Θράκης. Αἱ ἐνισχύσεις πρὸς τὸν Ταγιὰρ συνεχίζονται, ἐνῷ πληροφορίαι βεβαιοῦν ὅτι συγκεντροῦνται στρατεύματα καὶ κομιτατζῆδες εἰς τὰ σύνορα.

ΠΑΝΟΡΜΟΣ, 3 Ἰουλίου. (Ἰδ. τηλ. τοῦ «Ἐμπρός»). — Ἐξακολουθεῖ μετὰ πάσης ἐντάσεως ἡ ἐπὶ τῆς Βουλγαρίας παρασκευὴ πρὸς ἐπίθεσιν κατὰ τῆς Θράκης. Αἱ ἐνισχύσεις πρὸς τὸν Ταγιὰρ συνεχίζονται, ἐνῷ πληροφορίαι βεβαιοῦν ὅτι συγκεντροῦνται στρατεύματα καὶ κομιτατζῆδες εἰς τὰ σύνορα.

Ο ΠΡΟΕΔΡΟΣ Κ. ΟΥΙΛΣΩΝ ΚΑΙ Η ΚΟΙΝΩΝΙΑ

ΠΑΝΟΡΜΟΣ, 3 Ἰουλίου. (Ἰδ. τηλ. τοῦ «Ἐμπρός»). — Ἐξακολουθεῖ μετὰ πάσης ἐντάσεως ἡ ἐπὶ τῆς Βουλγαρίας παρασκευὴ πρὸς ἐπίθεσιν κατὰ τῆς Θράκης. Αἱ ἐνισχύσεις πρὸς τὸν Ταγιὰρ συνεχίζονται, ἐνῷ πληροφορίαι βεβαιοῦν ὅτι συγκεντροῦνται στρατεύματα καὶ κομιτατζῆδες εἰς τὰ σύνορα.

ΠΑΝΟΡΜΟΣ, 3 Ἰουλίου. (Ἰδ. τηλ. τοῦ «Ἐμπρός»). — Ἐξακολουθεῖ μετὰ πάσης ἐντάσεως ἡ ἐπὶ τῆς Βουλγαρίας παρασκευὴ πρὸς ἐπίθεσιν κατὰ τῆς Θράκης. Αἱ ἐνισχύσεις πρὸς τὸν Ταγιὰρ συνεχίζονται, ἐνῷ πληροφορίαι βεβαιοῦν ὅτι συγκεντροῦνται στρατεύματα καὶ κομιτατζῆδες εἰς τὰ σύνορα.

ΤΡΙΤΗ ΕΚΔΟΣΙΣ
ΕΝΙΣΧΥΣΕΙΣ ΕΙΣ ΤΟΝ ΚΕΜΑΛ ΕΚ ΓΕΡΜΑΝΙΑΣ
ΥΛΙΚΟΝ ΚΑΙ ΓΕΡΜΑΝΟΥΣ ΑΞΙΩΜΑΤΙΚΟΥΣ
ΑΙ ΠΡΟΣΠΑΘΕΙΑΙ ΤΩΝ ΣΥΝΤΡΟΦΩΝ ΤΟΥ ΕΜΒΕΡ
ΙΔΙΑΙΤΕΡΟΝ ΤΗΛΕΓΡΑΦΗΜΑ ΤΟΥ «ΕΜΠΡΟΣ»

ΠΑΝΟΡΜΟΣ, 3 Ἰουλίου. (Ἰδ. τηλ. τοῦ «Ἐμπρός»). — Ἐξακολουθεῖ μετὰ πάσης ἐντάσεως ἡ ἐπὶ τῆς Βουλγαρίας παρασκευὴ πρὸς ἐπίθεσιν κατὰ τῆς Θράκης. Αἱ ἐνισχύσεις πρὸς τὸν Ταγιὰρ συνεχίζονται, ἐνῷ πληροφορίαι βεβαιοῦν ὅτι συγκεντροῦνται στρατεύματα καὶ κομιτατζῆδες εἰς τὰ σύνορα.

ΠΑΝΟΡΜΟΣ, 3 Ἰουλίου. (Ἰδ. τηλ. τοῦ «Ἐμπρός»). — Ἐξακολουθεῖ μετὰ πάσης ἐντάσεως ἡ ἐπὶ τῆς Βουλγαρίας παρασκευὴ πρὸς ἐπίθεσιν κατὰ τῆς Θράκης. Αἱ ἐνισχύσεις πρὸς τὸν Ταγιὰρ συνεχίζονται, ἐνῷ πληροφορίαι βεβαιοῦν ὅτι συγκεντροῦνται στρατεύματα καὶ κομιτατζῆδες εἰς τὰ σύνορα.

Η ΠΟΛΩΝΙΑ ΕΝ ΚΙΝΔΥΝΩ
ΕΘΝΙΚΟΣ ΠΟΛΕΜΟΣ ΤΩΝ ΡΩΣΣΩΝ

ΠΑΝΟΡΜΟΣ, 3 Ἰουλίου. (Ἰδ. τηλ. τοῦ «Ἐμπρός»). — Ἐξακολουθεῖ μετὰ πάσης ἐντάσεως ἡ ἐπὶ τῆς Βουλγαρίας παρασκευὴ πρὸς ἐπίθεσιν κατὰ τῆς Θράκης. Αἱ ἐνισχύσεις πρὸς τὸν Ταγιὰρ συνεχίζονται, ἐνῷ πληροφορίαι βεβαιοῦν ὅτι συγκεντροῦνται στρατεύματα καὶ κομιτατζῆδες εἰς τὰ σύνορα.

ΠΑΝΟΡΜΟΣ, 3 Ἰουλίου. (Ἰδ. τηλ. τοῦ «Ἐμπρός»). — Ἐξακολουθεῖ μετὰ πάσης ἐντάσεως ἡ ἐπὶ τῆς Βουλγαρίας παρασκευὴ πρὸς ἐπίθεσιν κατὰ τῆς Θράκης. Αἱ ἐνισχύσεις πρὸς τὸν Ταγιὰρ συνεχίζονται, ἐνῷ πληροφορίαι βεβαιοῦν ὅτι συγκεντροῦνται στρατεύματα καὶ κομιτατζῆδες εἰς τὰ σύνορα.

ΒΟΥΛΓΑΡΟΙ ΣΤΡΑΤΙΩΤΑΙ ΕΙΣ ΤΑ ΧΑΡΑΚΩΜΑΤΑ

ΠΑΝΟΡΜΟΣ, 3 Ἰουλίου. (Ἰδ. τηλ. τοῦ «Ἐμπρός»). — Ἐξακολουθεῖ μετὰ πάσης ἐντάσεως ἡ ἐπὶ τῆς Βουλγαρίας παρασκευὴ πρὸς ἐπίθεσιν κατὰ τῆς Θράκης. Αἱ ἐνισχύσεις πρὸς τὸν Ταγιὰρ συνεχίζονται, ἐνῷ πληροφορίαι βεβαιοῦν ὅτι συγκεντροῦνται στρατεύματα καὶ κομιτατζῆδες εἰς τὰ σύνορα.

ΠΑΝΟΡΜΟΣ, 3 Ἰουλίου. (Ἰδ. τηλ. τοῦ «Ἐμπρός»). — Ἐξακολουθεῖ μετὰ πάσης ἐντάσεως ἡ ἐπὶ τῆς Βουλγαρίας παρασκευὴ πρὸς ἐπίθεσιν κατὰ τῆς Θράκης. Αἱ ἐνισχύσεις πρὸς τὸν Ταγιὰρ συνεχίζονται, ἐνῷ πληροφορίαι βεβαιοῦν ὅτι συγκεντροῦνται στρατεύματα καὶ κομιτατζῆδες εἰς τὰ σύνορα.

ΕΙΡΗΝΗ ΕΙΣ ΤΟ ΣΠΑ!

ΠΑΝΟΡΜΟΣ, 3 Ἰουλίου. (Ἰδ. τηλ. τοῦ «Ἐμπρός»). — Ἐξακολουθεῖ μετὰ πάσης ἐντάσεως ἡ ἐπὶ τῆς Βουλγαρίας παρασκευὴ πρὸς ἐπίθεσιν κατὰ τῆς Θράκης. Αἱ ἐνισχύσεις πρὸς τὸν Ταγιὰρ συνεχίζονται, ἐνῷ πληροφορίαι βεβαιοῦν ὅτι συγκεντροῦνται στρατεύματα καὶ κομιτατζῆδες εἰς τὰ σύνορα.

ΠΑΝΟΡΜΟΣ, 3 Ἰουλίου. (Ἰδ. τηλ. τοῦ «Ἐμπρός»). — Ἐξακολουθεῖ μετὰ πάσης ἐντάσεως ἡ ἐπὶ τῆς Βουλγαρίας παρασκευὴ πρὸς ἐπίθεσιν κατὰ τῆς Θράκης. Αἱ ἐνισχύσεις πρὸς τὸν Ταγιὰρ συνεχίζονται, ἐνῷ πληροφορίαι βεβαιοῦν ὅτι συγκεντροῦνται στρατεύματα καὶ κομιτατζῆδες εἰς τὰ σύνορα.

ΑΠΟ ΤΗΝ ΠΡΥΤΕΥΟΥΣΑΝ ΤΗΣ ΑΔΡΙΑΝΟΥΠΟΛΕΩΣ

ΠΑΝΟΡΜΟΣ, 3 Ἰουλίου. (Ἰδ. τηλ. τοῦ «Ἐμπρός»). — Ἐξακολουθεῖ μετὰ πάσης ἐντάσεως ἡ ἐπὶ τῆς Βουλγαρίας παρασκευὴ πρὸς ἐπίθεσιν κατὰ τῆς Θράκης. Αἱ ἐνισχύσεις πρὸς τὸν Ταγιὰρ συνεχίζονται, ἐνῷ πληροφορίαι βεβαιοῦν ὅτι συγκεντροῦνται στρατεύματα καὶ κομιτατζῆδες εἰς τὰ σύνορα.

ΠΑΝΟΡΜΟΣ, 3 Ἰουλίου. (Ἰδ. τηλ. τοῦ «Ἐμπρός»). — Ἐξακολουθεῖ μετὰ πάσης ἐντάσεως ἡ ἐπὶ τῆς Βουλγαρίας παρασκευὴ πρὸς ἐπίθεσιν κατὰ τῆς Θράκης. Αἱ ἐνισχύσεις πρὸς τὸν Ταγιὰρ συνεχίζονται, ἐνῷ πληροφορίαι βεβαιοῦν ὅτι συγκεντροῦνται στρατεύματα καὶ κομιτατζῆδες εἰς τὰ σύνορα.
